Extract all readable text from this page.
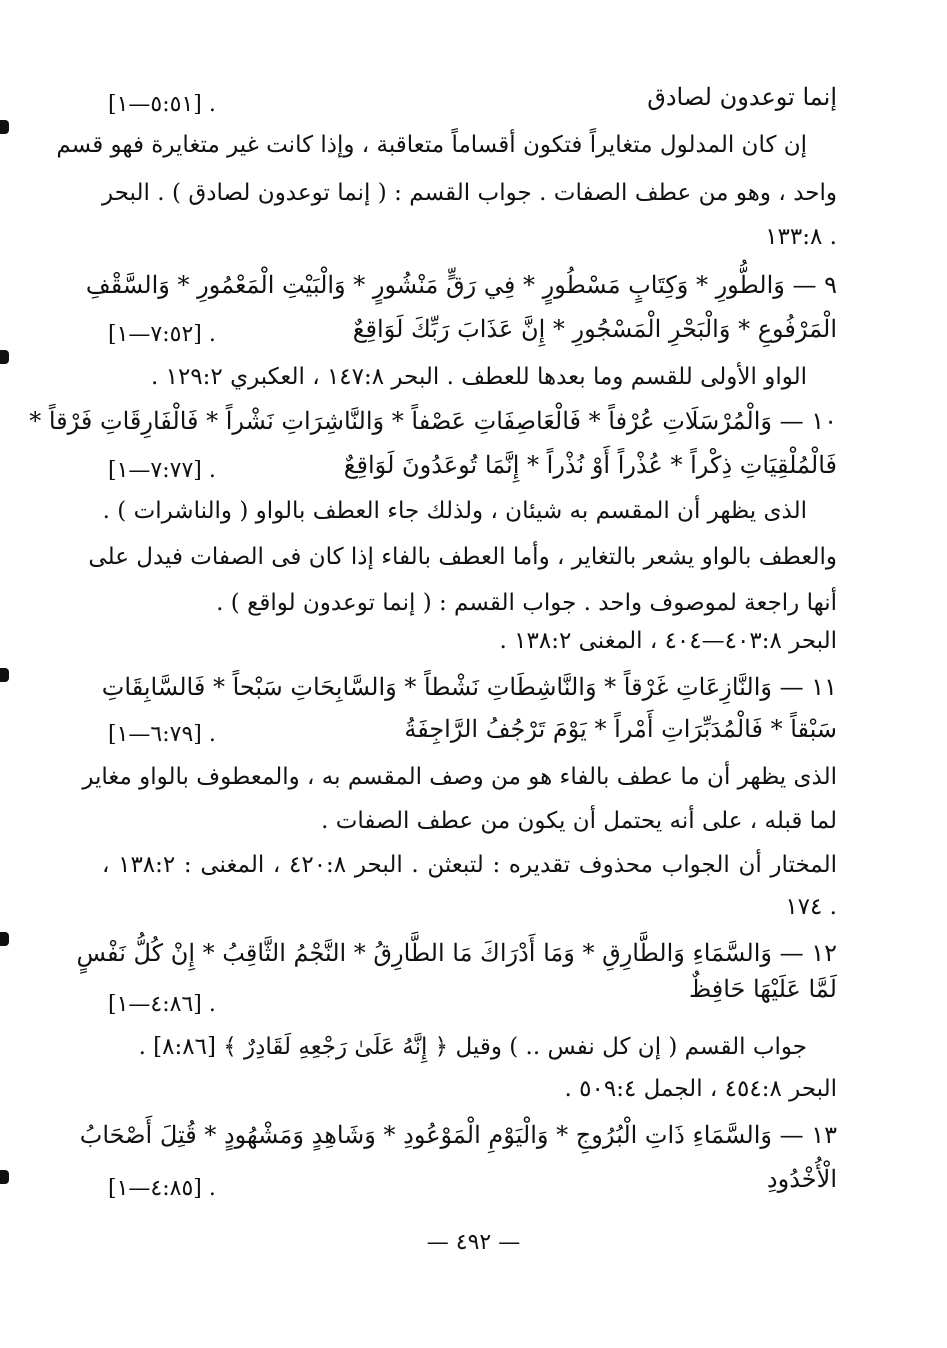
إنما توعدون لصادق
[٥:٥١—١] .
إن كان المدلول متغايراً فتكون أقساماً متعاقبة ، وإذا كانت غير متغايرة فهو قسم
واحد ، وهو من عطف الصفات . جواب القسم : ( إنما توعدون لصادق ) . البحر
١٣٣:٨ .
٩ — وَالطُّورِ * وَكِتَابٍ مَسْطُورٍ * فِي رَقٍّ مَنْشُورٍ * وَالْبَيْتِ الْمَعْمُورِ * وَالسَّقْفِ
الْمَرْفُوعِ * وَالْبَحْرِ الْمَسْجُورِ * إِنَّ عَذَابَ رَبِّكَ لَوَاقِعٌ
[٧:٥٢—١] .
الواو الأولى للقسم وما بعدها للعطف . البحر ١٤٧:٨ ، العكبري ١٢٩:٢ .
١٠ — وَالْمُرْسَلَاتِ عُرْفاً * فَالْعَاصِفَاتِ عَصْفاً * وَالنَّاشِرَاتِ نَشْراً * فَالْفَارِقَاتِ فَرْقاً *
فَالْمُلْقِيَاتِ ذِكْراً * عُذْراً أَوْ نُذْراً * إِنَّمَا تُوعَدُونَ لَوَاقِعٌ
[٧:٧٧—١] .
الذى يظهر أن المقسم به شيئان ، ولذلك جاء العطف بالواو ( والناشرات ) .
والعطف بالواو يشعر بالتغاير ، وأما العطف بالفاء إذا كان فى الصفات فيدل على
أنها راجعة لموصوف واحد . جواب القسم : ( إنما توعدون لواقع ) .
البحر ٤٠٣:٨—٤٠٤ ، المغنى ١٣٨:٢ .
١١ — وَالنَّازِعَاتِ غَرْقاً * وَالنَّاشِطَاتِ نَشْطاً * وَالسَّابِحَاتِ سَبْحاً * فَالسَّابِقَاتِ
سَبْقاً * فَالْمُدَبِّرَاتِ أَمْراً * يَوْمَ تَرْجُفُ الرَّاجِفَةُ
[٦:٧٩—١] .
الذى يظهر أن ما عطف بالفاء هو من وصف المقسم به ، والمعطوف بالواو مغاير
لما قبله ، على أنه يحتمل أن يكون من عطف الصفات .
المختار أن الجواب محذوف تقديره : لتبعثن . البحر ٤٢٠:٨ ، المغنى : ١٣٨:٢ ،
١٧٤ .
١٢ — وَالسَّمَاءِ وَالطَّارِقِ * وَمَا أَدْرَاكَ مَا الطَّارِقُ * النَّجْمُ الثَّاقِبُ * إِنْ كُلُّ نَفْسٍ
لَمَّا عَلَيْهَا حَافِظٌ
[٤:٨٦—١] .
جواب القسم ( إن كل نفس .. ) وقيل ﴿ إِنَّهُ عَلَىٰ رَجْعِهِ لَقَادِرٌ ﴾ [٨:٨٦] .
البحر ٤٥٤:٨ ، الجمل ٥٠٩:٤ .
١٣ — وَالسَّمَاءِ ذَاتِ الْبُرُوجِ * وَالْيَوْمِ الْمَوْعُودِ * وَشَاهِدٍ وَمَشْهُودٍ * قُتِلَ أَصْحَابُ
الْأُخْدُودِ
[٤:٨٥—١] .
— ٤٩٢ —
